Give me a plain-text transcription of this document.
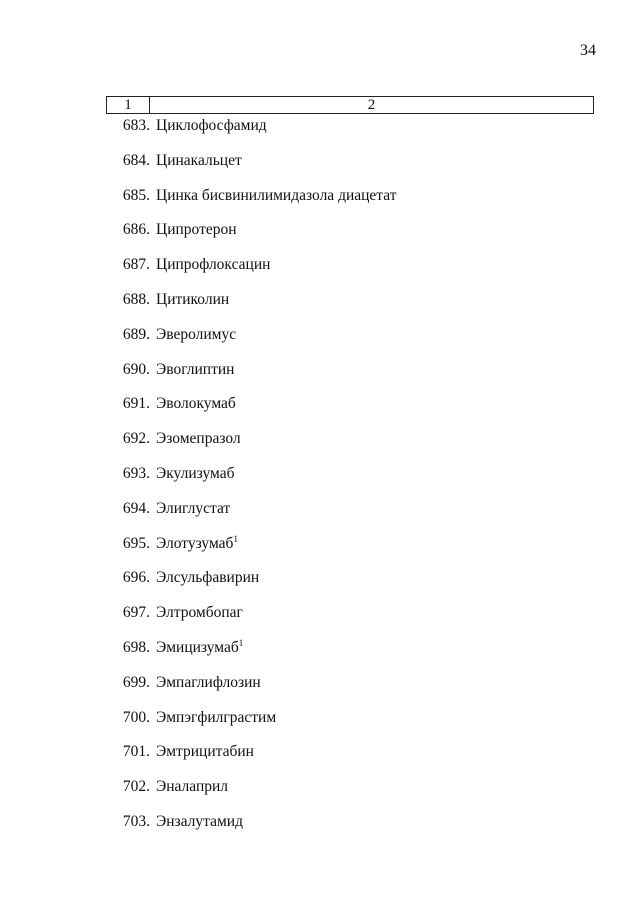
34
1	2
683. Циклофосфамид
684. Цинакальцет
685. Цинка бисвинилимидазола диацетат
686. Ципротерон
687. Ципрофлоксацин
688. Цитиколин
689. Эверолимус
690. Эвоглиптин
691. Эволокумаб
692. Эзомепразол
693. Экулизумаб
694. Элиглустат
695. Элотузумаб$^1$
696. Элсульфавирин
697. Элтромбопаг
698. Эмицизумаб$^1$
699. Эмпаглифлозин
700. Эмпэгфилграстим
701. Эмтрицитабин
702. Эналаприл
703. Энзалутамид
